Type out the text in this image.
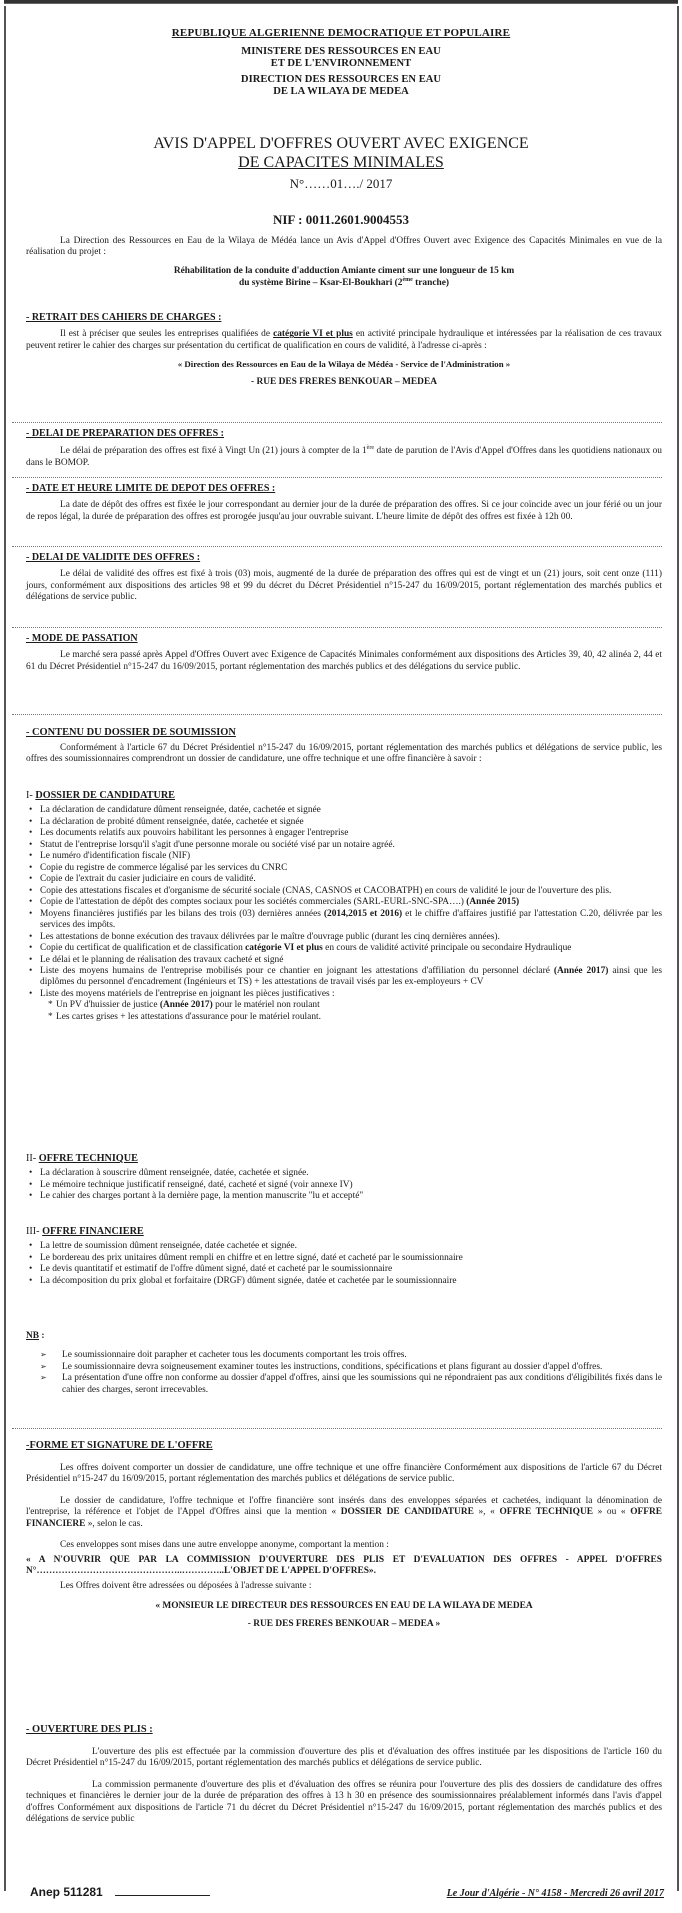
REPUBLIQUE ALGERIENNE DEMOCRATIQUE ET POPULAIRE
MINISTERE DES RESSOURCES EN EAU
ET DE L'ENVIRONNEMENT
DIRECTION DES RESSOURCES EN EAU
DE LA WILAYA DE MEDEA
AVIS D'APPEL D'OFFRES OUVERT AVEC EXIGENCE
DE CAPACITES MINIMALES
N°……01…./ 2017
NIF : 0011.2601.9004553

La Direction des Ressources en Eau de la Wilaya de Médéa lance un Avis d'Appel d'Offres Ouvert avec Exigence des Capacités Minimales en vue de la réalisation du projet :

Réhabilitation de la conduite d'adduction Amiante ciment sur une longueur de 15 km
du système Birine – Ksar-El-Boukhari (2ème tranche)
- RETRAIT DES CAHIERS DE CHARGES :

Il est à préciser que seules les entreprises qualifiées de catégorie VI et plus en activité principale hydraulique et intéressées par la réalisation de ces travaux peuvent retirer le cahier des charges sur présentation du certificat de qualification en cours de validité, à l'adresse ci-après :

« Direction des Ressources en Eau de la Wilaya de Médéa - Service de l'Administration »
- RUE DES FRERES BENKOUAR – MEDEA
- DELAI DE PREPARATION DES OFFRES :

Le délai de préparation des offres est fixé à Vingt Un (21) jours à compter de la 1ère date de parution de l'Avis d'Appel d'Offres dans les quotidiens nationaux ou dans le BOMOP.

- DATE ET HEURE LIMITE DE DEPOT DES OFFRES :

La date de dépôt des offres est fixée le jour correspondant au dernier jour de la durée de préparation des offres. Si ce jour coïncide avec un jour férié ou un jour de repos légal, la durée de préparation des offres est prorogée jusqu'au jour ouvrable suivant. L'heure limite de dépôt des offres est fixée à 12h 00.

- DELAI DE VALIDITE DES OFFRES :

Le délai de validité des offres est fixé à trois (03) mois, augmenté de la durée de préparation des offres qui est de vingt et un (21) jours, soit cent onze (111) jours, conformément aux dispositions des articles 98 et 99 du décret du Décret Présidentiel n°15-247 du 16/09/2015, portant réglementation des marchés publics et délégations de service public.

- MODE DE PASSATION

Le marché sera passé après Appel d'Offres Ouvert avec Exigence de Capacités Minimales conformément aux dispositions des Articles 39, 40, 42 alinéa 2, 44 et 61 du Décret Présidentiel n°15-247 du 16/09/2015, portant réglementation des marchés publics et des délégations du service public.

- CONTENU DU DOSSIER DE SOUMISSION

Conformément à l'article 67 du Décret Présidentiel n°15-247 du 16/09/2015, portant réglementation des marchés publics et délégations de service public, les offres des soumissionnaires comprendront un dossier de candidature, une offre technique et une offre financière à savoir :

I- DOSSIER DE CANDIDATURE
• La déclaration de candidature dûment renseignée, datée, cachetée et signée
• La déclaration de probité dûment renseignée, datée, cachetée et signée
• Les documents relatifs aux pouvoirs habilitant les personnes à engager l'entreprise
• Statut de l'entreprise lorsqu'il s'agit d'une personne morale ou société visé par un notaire agréé.
• Le numéro d'identification fiscale (NIF)
• Copie du registre de commerce légalisé par les services du CNRC
• Copie de l'extrait du casier judiciaire en cours de validité.
• Copie des attestations fiscales et d'organisme de sécurité sociale (CNAS, CASNOS et CACOBATPH) en cours de validité le jour de l'ouverture des plis.
• Copie de l'attestation de dépôt des comptes sociaux pour les sociétés commerciales (SARL-EURL-SNC-SPA….) (Année 2015)
• Moyens financières justifiés par les bilans des trois (03) dernières années (2014,2015 et 2016) et le chiffre d'affaires justifié par l'attestation C.20, délivrée par les services des impôts.
• Les attestations de bonne exécution des travaux délivrées par le maître d'ouvrage public (durant les cinq dernières années).
• Copie du certificat de qualification et de classification catégorie VI et plus en cours de validité activité principale ou secondaire Hydraulique
• Le délai et le planning de réalisation des travaux cacheté et signé
• Liste des moyens humains de l'entreprise mobilisés pour ce chantier en joignant les attestations d'affiliation du personnel déclaré (Année 2017) ainsi que les diplômes du personnel d'encadrement (Ingénieurs et TS) + les attestations de travail visés par les ex-employeurs + CV
• Liste des moyens matériels de l'entreprise en joignant les pièces justificatives :
* Un PV d'huissier de justice (Année 2017) pour le matériel non roulant
* Les cartes grises + les attestations d'assurance pour le matériel roulant.
II- OFFRE TECHNIQUE
• La déclaration à souscrire dûment renseignée, datée, cachetée et signée.
• Le mémoire technique justificatif renseigné, daté, cacheté et signé (voir annexe IV)
• Le cahier des charges portant à la dernière page, la mention manuscrite "lu et accepté"
III- OFFRE FINANCIERE
• La lettre de soumission dûment renseignée, datée cachetée et signée.
• Le bordereau des prix unitaires dûment rempli en chiffre et en lettre signé, daté et cacheté par le soumissionnaire
• Le devis quantitatif et estimatif de l'offre dûment signé, daté et cacheté par le soumissionnaire
• La décomposition du prix global et forfaitaire (DRGF) dûment signée, datée et cachetée par le soumissionnaire
NB :
➢ Le soumissionnaire doit parapher et cacheter tous les documents comportant les trois offres.
➢ Le soumissionnaire devra soigneusement examiner toutes les instructions, conditions, spécifications et plans figurant au dossier d'appel d'offres.
➢ La présentation d'une offre non conforme au dossier d'appel d'offres, ainsi que les soumissions qui ne répondraient pas aux conditions d'éligibilités fixés dans le cahier des charges, seront irrecevables.
-FORME ET SIGNATURE DE L'OFFRE

Les offres doivent comporter un dossier de candidature, une offre technique et une offre financière Conformément aux dispositions de l'article 67 du Décret Présidentiel n°15-247 du 16/09/2015, portant réglementation des marchés publics et délégations de service public.

Le dossier de candidature, l'offre technique et l'offre financière sont insérés dans des enveloppes séparées et cachetées, indiquant la dénomination de l'entreprise, la référence et l'objet de l'Appel d'Offres ainsi que la mention « DOSSIER DE CANDIDATURE », « OFFRE TECHNIQUE » ou « OFFRE FINANCIERE », selon le cas.

Ces enveloppes sont mises dans une autre enveloppe anonyme, comportant la mention :

« A N'OUVRIR QUE PAR LA COMMISSION D'OUVERTURE DES PLIS ET D'EVALUATION DES OFFRES - APPEL D'OFFRES N°………………………………………..…………..L'OBJET DE L'APPEL D'OFFRES».

Les Offres doivent être adressées ou déposées à l'adresse suivante :

« MONSIEUR LE DIRECTEUR DES RESSOURCES EN EAU DE LA WILAYA DE MEDEA
- RUE DES FRERES BENKOUAR – MEDEA »
- OUVERTURE DES PLIS :

L'ouverture des plis est effectuée par la commission d'ouverture des plis et d'évaluation des offres instituée par les dispositions de l'article 160 du Décret Présidentiel n°15-247 du 16/09/2015, portant réglementation des marchés publics et délégations de service public.

La commission permanente d'ouverture des plis et d'évaluation des offres se réunira pour l'ouverture des plis des dossiers de candidature des offres techniques et financières le dernier jour de la durée de préparation des offres à 13 h 30 en présence des soumissionnaires préalablement informés dans l'avis d'appel d'offres Conformément aux dispositions de l'article 71 du décret du Décret Présidentiel n°15-247 du 16/09/2015, portant réglementation des marchés publics et des délégations de service public

Anep 511281	Le Jour d'Algérie - N° 4158 - Mercredi 26 avril 2017
